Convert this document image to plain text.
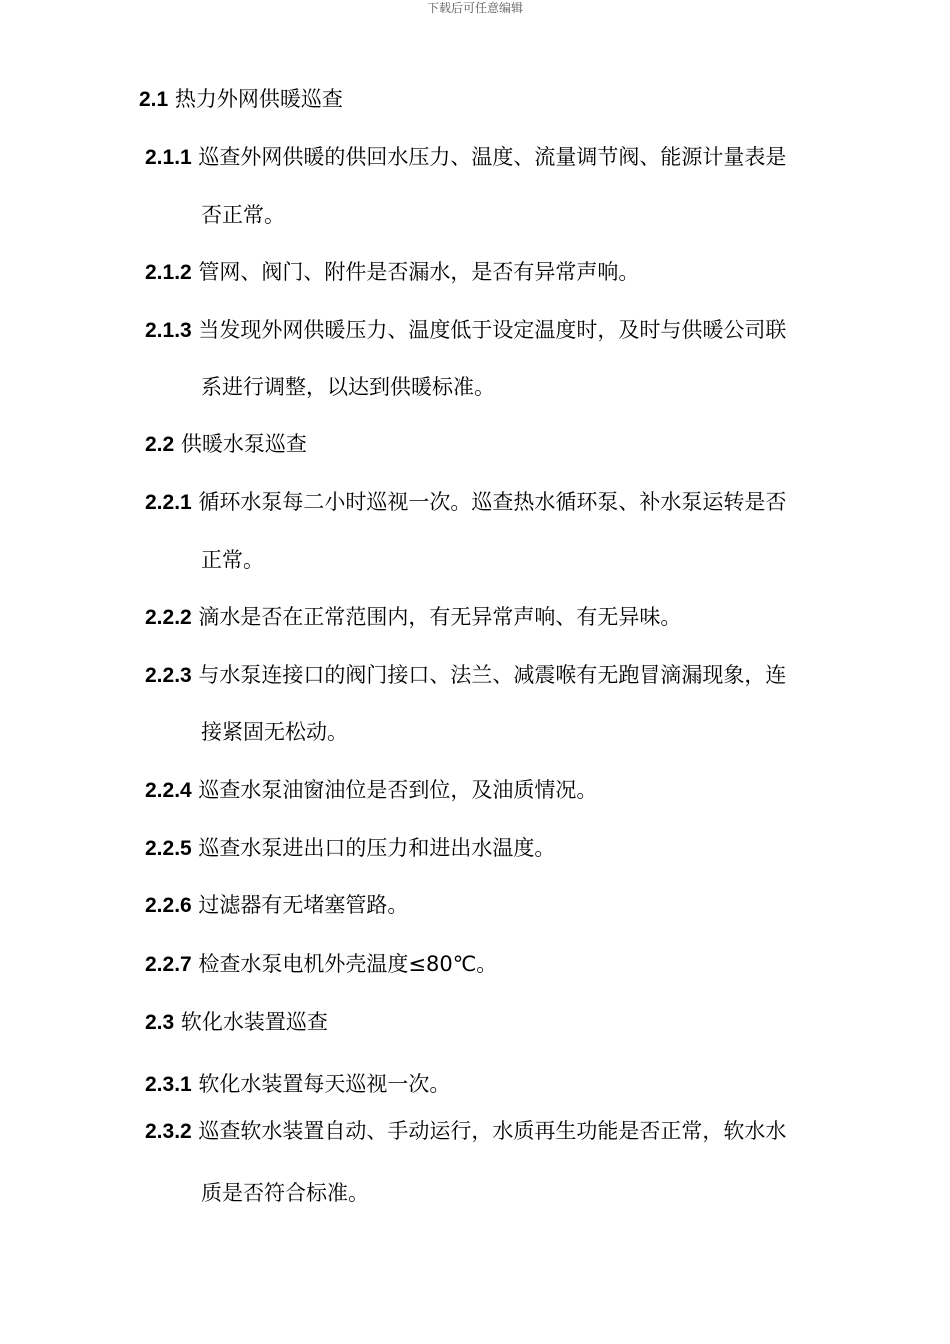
下载后可任意编辑
2.1 热力外网供暖巡查
2.1.1 巡查外网供暖的供回水压力、温度、流量调节阀、能源计量表是
否正常。
2.1.2 管网、阀门、附件是否漏水，是否有异常声响。
2.1.3 当发现外网供暖压力、温度低于设定温度时，及时与供暖公司联
系进行调整，以达到供暖标准。
2.2 供暖水泵巡查
2.2.1 循环水泵每二小时巡视一次。巡查热水循环泵、补水泵运转是否
正常。
2.2.2 滴水是否在正常范围内，有无异常声响、有无异味。
2.2.3 与水泵连接口的阀门接口、法兰、减震喉有无跑冒滴漏现象，连
接紧固无松动。
2.2.4 巡查水泵油窗油位是否到位，及油质情况。
2.2.5 巡查水泵进出口的压力和进出水温度。
2.2.6 过滤器有无堵塞管路。
2.2.7 检查水泵电机外壳温度≤80℃。
2.3 软化水装置巡查
2.3.1 软化水装置每天巡视一次。
2.3.2 巡查软水装置自动、手动运行，水质再生功能是否正常，软水水
质是否符合标准。
